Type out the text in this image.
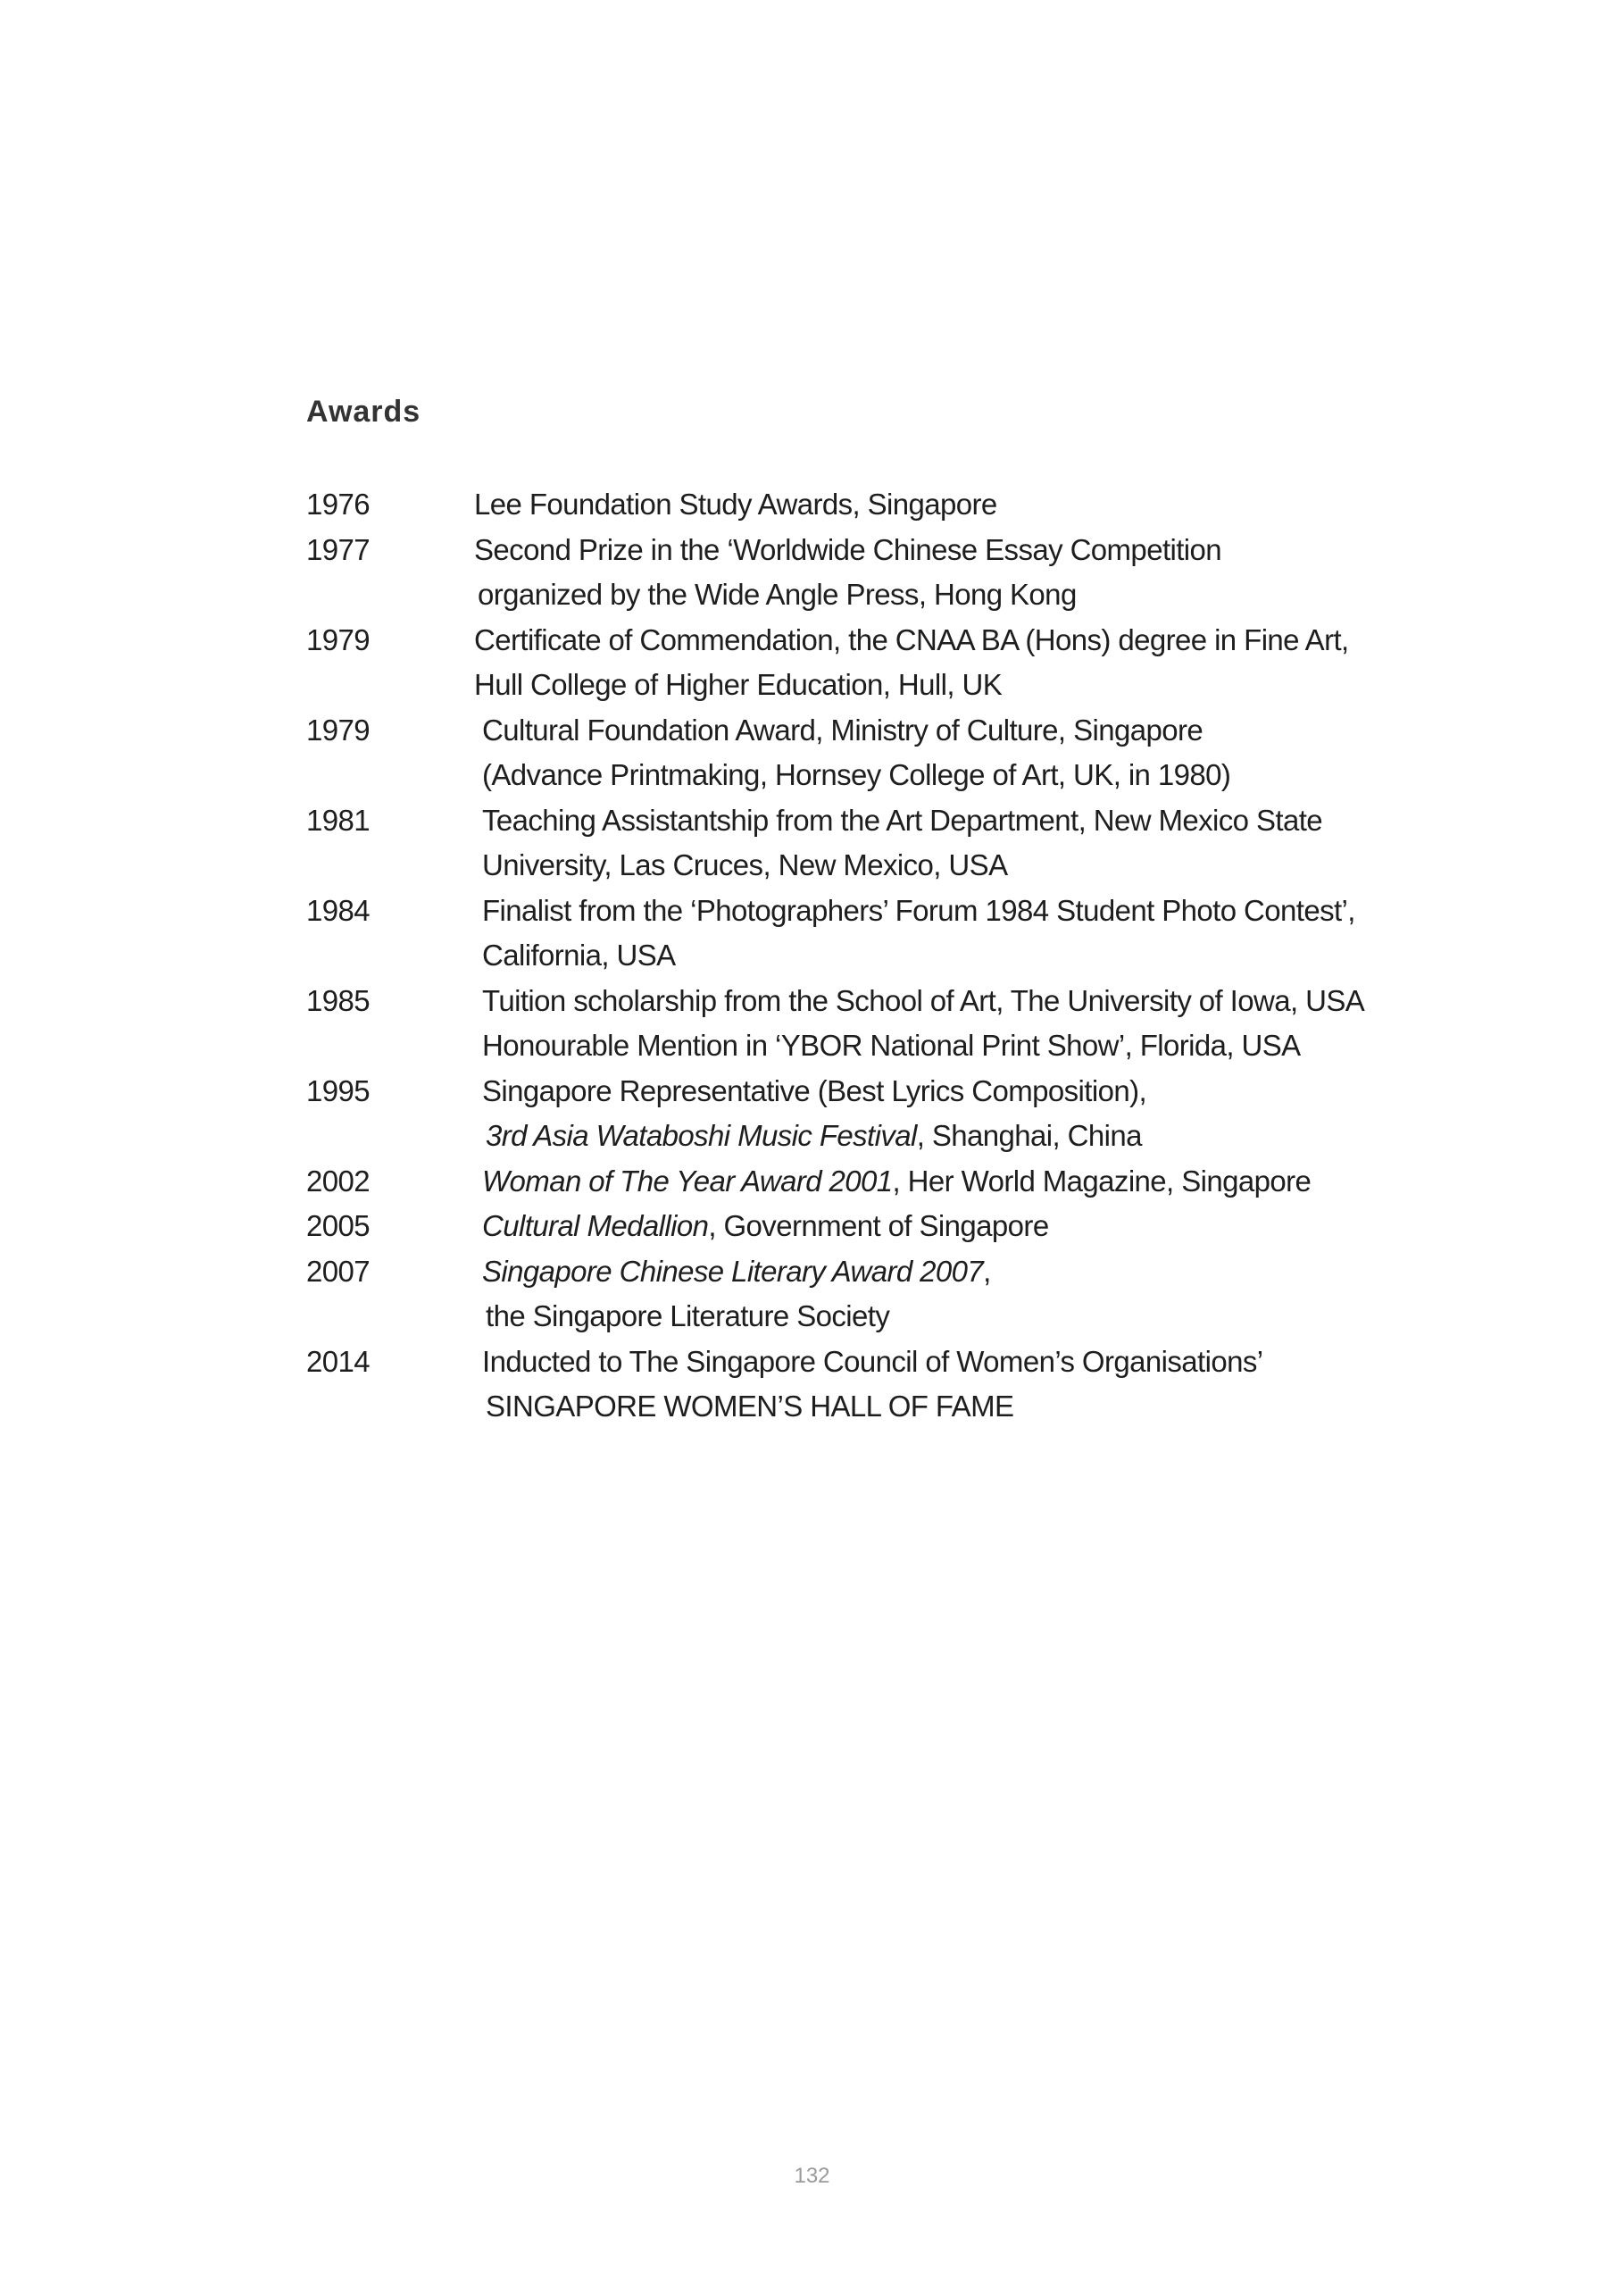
Awards
1976	Lee Foundation Study Awards, Singapore
1977	Second Prize in the ‘Worldwide Chinese Essay Competition
organized by the Wide Angle Press, Hong Kong
1979	Certificate of Commendation, the CNAA BA (Hons) degree in Fine Art,
Hull College of Higher Education, Hull, UK
1979	Cultural Foundation Award, Ministry of Culture, Singapore
(Advance Printmaking, Hornsey College of Art, UK, in 1980)
1981	Teaching Assistantship from the Art Department, New Mexico State
University, Las Cruces, New Mexico, USA
1984	Finalist from the ‘Photographers’ Forum 1984 Student Photo Contest’,
California, USA
1985	Tuition scholarship from the School of Art, The University of Iowa, USA
Honourable Mention in ‘YBOR National Print Show’, Florida, USA
1995	Singapore Representative (Best Lyrics Composition),
3rd Asia Wataboshi Music Festival, Shanghai, China
2002	Woman of The Year Award 2001, Her World Magazine, Singapore
2005	Cultural Medallion, Government of Singapore
2007	Singapore Chinese Literary Award 2007,
the Singapore Literature Society
2014	Inducted to The Singapore Council of Women’s Organisations’
SINGAPORE WOMEN’S HALL OF FAME
132
